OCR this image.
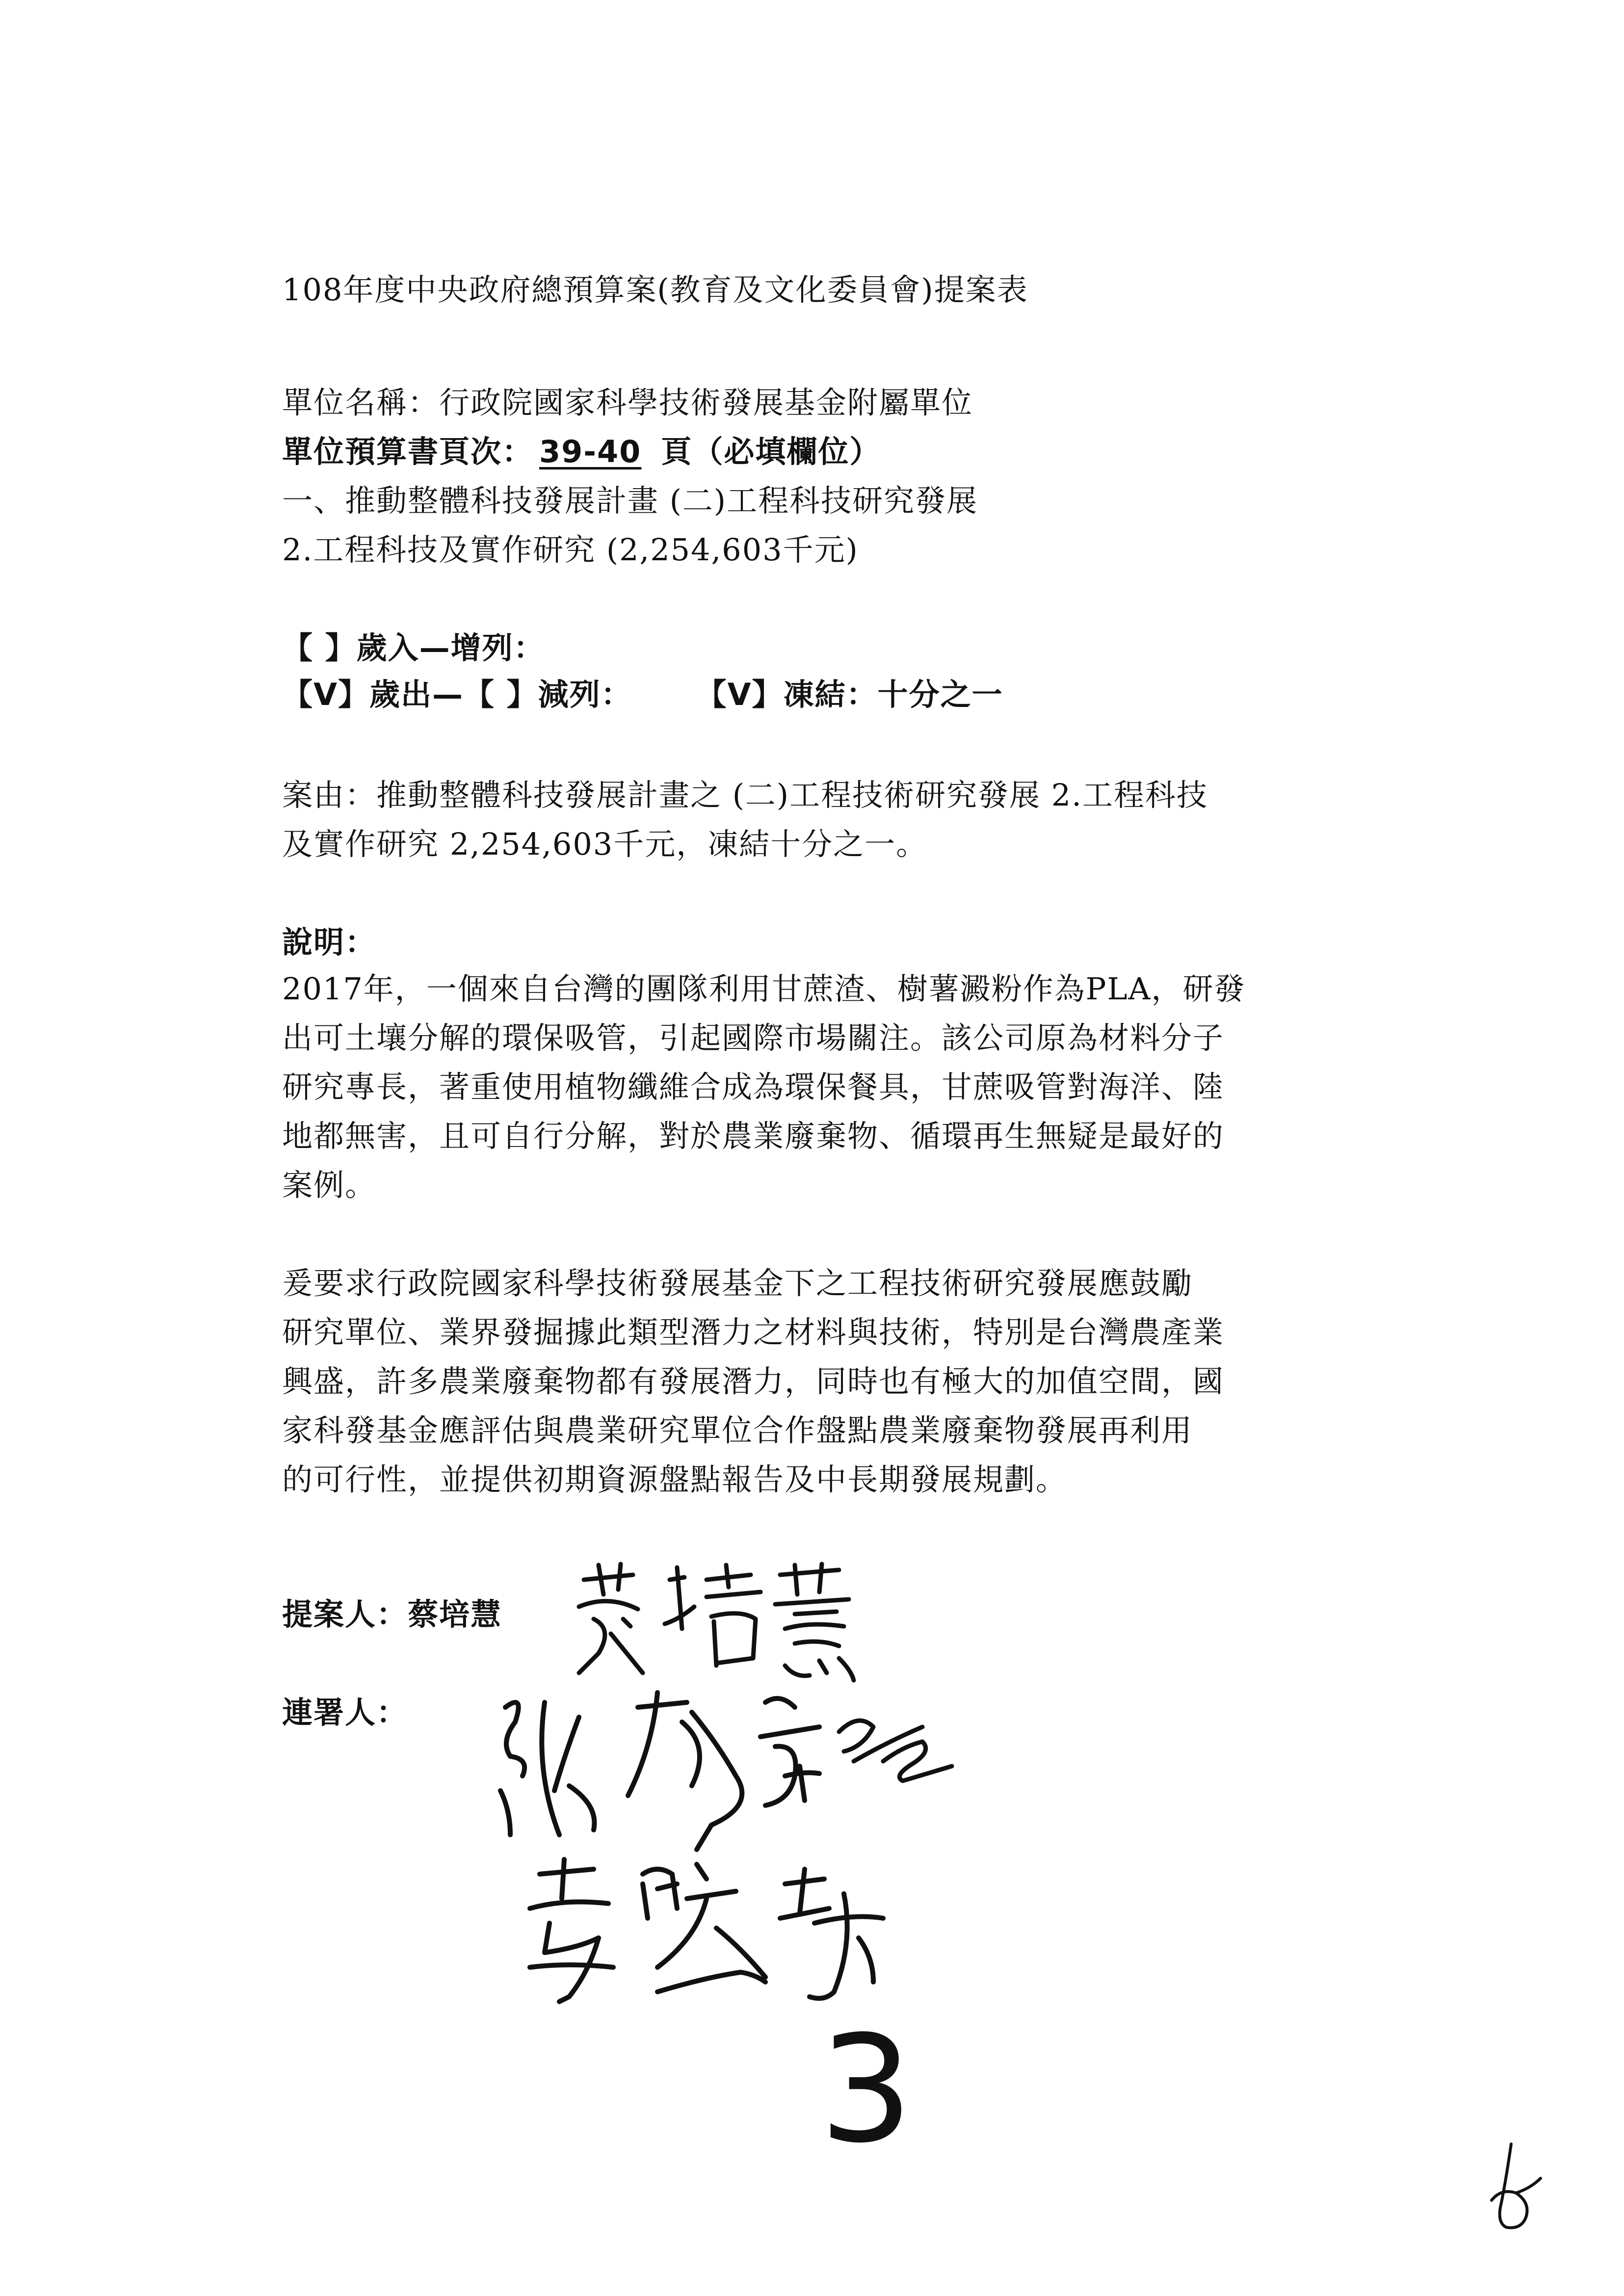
108年度中央政府總預算案(教育及文化委員會)提案表
單位名稱：行政院國家科學技術發展基金附屬單位
單位預算書頁次： 39-40 頁（必填欄位）
一、推動整體科技發展計畫 (二)工程科技研究發展
2.工程科技及實作研究 (2,254,603千元)
【 】歲入—增列：
【V】歲出—【 】減列： 【V】凍結：十分之一
案由：推動整體科技發展計畫之 (二)工程技術研究發展 2.工程科技
及實作研究 2,254,603千元，凍結十分之一。
說明：
2017年，一個來自台灣的團隊利用甘蔗渣、樹薯澱粉作為PLA，研發
出可土壤分解的環保吸管，引起國際市場關注。該公司原為材料分子
研究專長，著重使用植物纖維合成為環保餐具，甘蔗吸管對海洋、陸
地都無害，且可自行分解，對於農業廢棄物、循環再生無疑是最好的
案例。
爰要求行政院國家科學技術發展基金下之工程技術研究發展應鼓勵
研究單位、業界發掘據此類型潛力之材料與技術，特別是台灣農產業
興盛，許多農業廢棄物都有發展潛力，同時也有極大的加值空間，國
家科發基金應評估與農業研究單位合作盤點農業廢棄物發展再利用
的可行性，並提供初期資源盤點報告及中長期發展規劃。
提案人：蔡培慧
連署人：
3
